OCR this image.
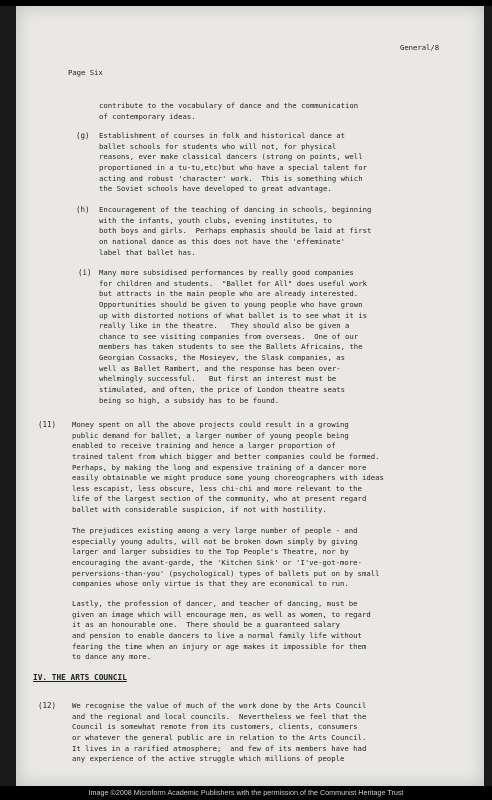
General/8
Page Six
contribute to the vocabulary of dance and the communication
of contemporary ideas.
(g) Establishment of courses in folk and historical dance at
ballet schools for students who will not, for physical
reasons, ever make classical dancers (strong on points, well
proportioned in a tu-tu,etc)but who have a special talent for
acting and robust 'character' work.  This is something which
the Soviet schools have developed to great advantage.
(h) Encouragement of the teaching of dancing in schools, beginning
with the infants, youth clubs, evening institutes, to
both boys and girls.  Perhaps emphasis should be laid at first
on national dance as this does not have the 'effeminate'
label that ballet has.
(i) Many more subsidised performances by really good companies
for children and students.  "Ballet for All" does useful work
but attracts in the main people who are already interested.
Opportunities should be given to young people who have grown
up with distorted notions of what ballet is to see what it is
really like in the theatre.   They should also be given a
chance to see visiting companies from overseas.  One of our
members has taken students to see the Ballets Africains, the
Georgian Cossacks, the Mosieyev, the Slask companies, as
well as Ballet Rambert, and the response has been over-
whelmingly successful.   But first an interest must be
stimulated, and often, the price of London theatre seats
being so high, a subsidy has to be found.
(11) Money spent on all the above projects could result in a growing
public demand for ballet, a larger number of young people being
enabled to receive training and hence a larger proportion of
trained talent from which bigger and better companies could be formed.
Perhaps, by making the long and expensive training of a dancer more
easily obtainable we might produce some young choreographers with ideas
less escapist, less obscure, less chi-chi and more relevant to the
life of the largest section of the community, who at present regard
ballet with considerable suspicion, if not with hostility.
The prejudices existing among a very large number of people - and
especially young adults, will not be broken down simply by giving
larger and larger subsidies to the Top People's Theatre, nor by
encouraging the avant-garde, the 'Kitchen Sink' or 'I've-got-more-
perversions-than-you' (psychological) types of ballets put on by small
companies whose only virtue is that they are economical to run.
Lastly, the profession of dancer, and teacher of dancing, must be
given an image which will encourage men, as well as women, to regard
it as an honourable one.  There should be a guaranteed salary
and pension to enable dancers to live a normal family life without
fearing the time when an injury or age makes it impossible for them
to dance any more.
IV. THE ARTS COUNCIL
(12) We recognise the value of much of the work done by the Arts Council
and the regional and local councils.  Nevertheless we feel that the
Council is somewhat remote from its customers, clients, consumers
or whatever the general public are in relation to the Arts Council.
It lives in a rarified atmosphere;  and few of its members have had
any experience of the active struggle which millions of people
Image ©2008 Microform Academic Publishers with the permission of the Communist Heritage Trust
